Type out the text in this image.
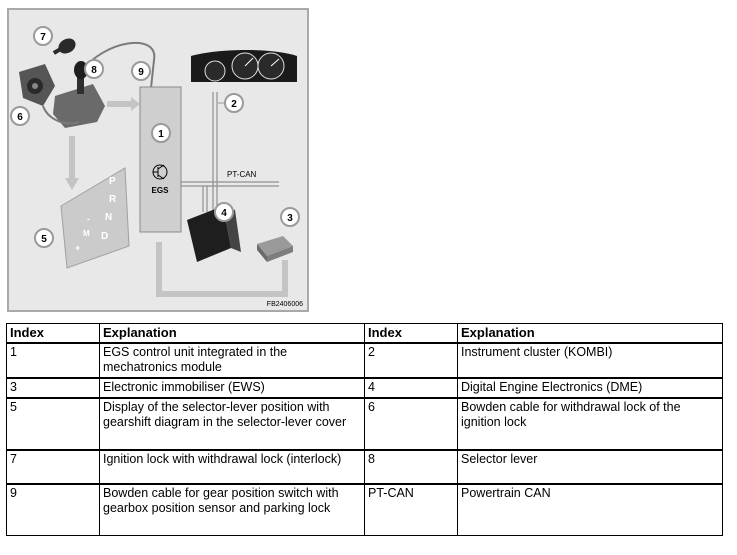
EGS
PT-CAN
P
R
N
D
+
M
-
1
2
3
4
5
6
7
8	9
FB2406006
Index	Explanation	Index	Explanation
1	EGS control unit integrated in the mechatronics module	2	Instrument cluster (KOMBI)
3	Electronic immobiliser (EWS)	4	Digital Engine Electronics (DME)
5	Display of the selector-lever position with gearshift diagram in the selector-lever cover	6	Bowden cable for withdrawal lock of the ignition lock
7	Ignition lock with withdrawal lock (interlock)	8	Selector lever
9	Bowden cable for gear position switch with gearbox position sensor and parking lock	PT-CAN	Powertrain CAN
